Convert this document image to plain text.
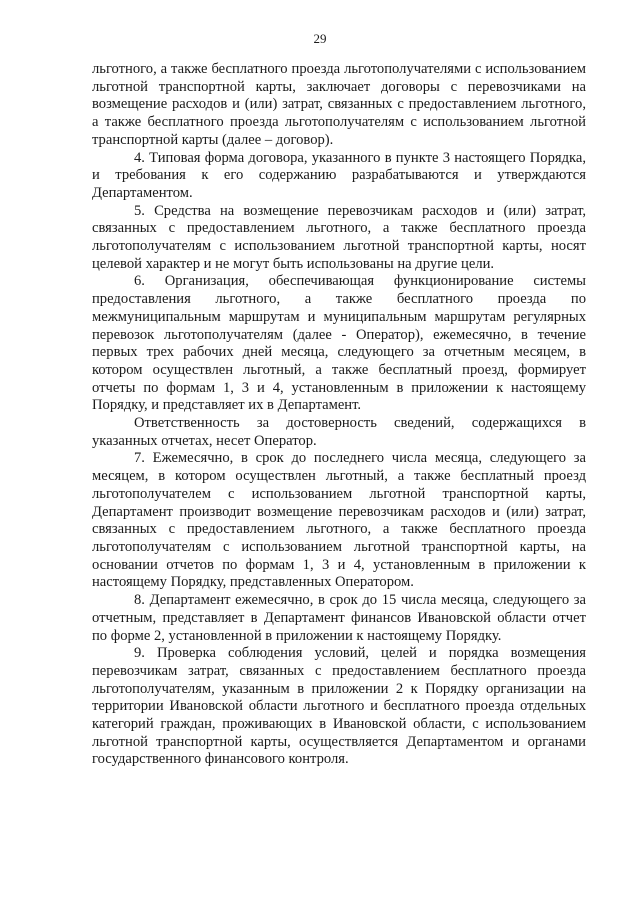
29

льготного, а также бесплатного проезда льготополучателями с использованием льготной транспортной карты, заключает договоры с перевозчиками на возмещение расходов и (или) затрат, связанных с предоставлением льготного, а также бесплатного проезда льготополучателям с использованием льготной транспортной карты (далее – договор).

4. Типовая форма договора, указанного в пункте 3 настоящего Порядка, и требования к его содержанию разрабатываются и утверждаются Департаментом.

5. Средства на возмещение перевозчикам расходов и (или) затрат, связанных с предоставлением льготного, а также бесплатного проезда льготополучателям с использованием льготной транспортной карты, носят целевой характер и не могут быть использованы на другие цели.

6. Организация, обеспечивающая функционирование системы предоставления льготного, а также бесплатного проезда по межмуниципальным маршрутам и муниципальным маршрутам регулярных перевозок льготополучателям (далее - Оператор), ежемесячно, в течение первых трех рабочих дней месяца, следующего за отчетным месяцем, в котором осуществлен льготный, а также бесплатный проезд, формирует отчеты по формам 1, 3 и 4, установленным в приложении к настоящему Порядку, и представляет их в Департамент.

Ответственность за достоверность сведений, содержащихся в указанных отчетах, несет Оператор.

7. Ежемесячно, в срок до последнего числа месяца, следующего за месяцем, в котором осуществлен льготный, а также бесплатный проезд льготополучателем с использованием льготной транспортной карты, Департамент производит возмещение перевозчикам расходов и (или) затрат, связанных с предоставлением льготного, а также бесплатного проезда льготополучателям с использованием льготной транспортной карты, на основании отчетов по формам 1, 3 и 4, установленным в приложении к настоящему Порядку, представленных Оператором.

8. Департамент ежемесячно, в срок до 15 числа месяца, следующего за отчетным, представляет в Департамент финансов Ивановской области отчет по форме 2, установленной в приложении к настоящему Порядку.

9. Проверка соблюдения условий, целей и порядка возмещения перевозчикам затрат, связанных с предоставлением бесплатного проезда льготополучателям, указанным в приложении 2 к Порядку организации на территории Ивановской области льготного и бесплатного проезда отдельных категорий граждан, проживающих в Ивановской области, с использованием льготной транспортной карты, осуществляется Департаментом и органами государственного финансового контроля.
